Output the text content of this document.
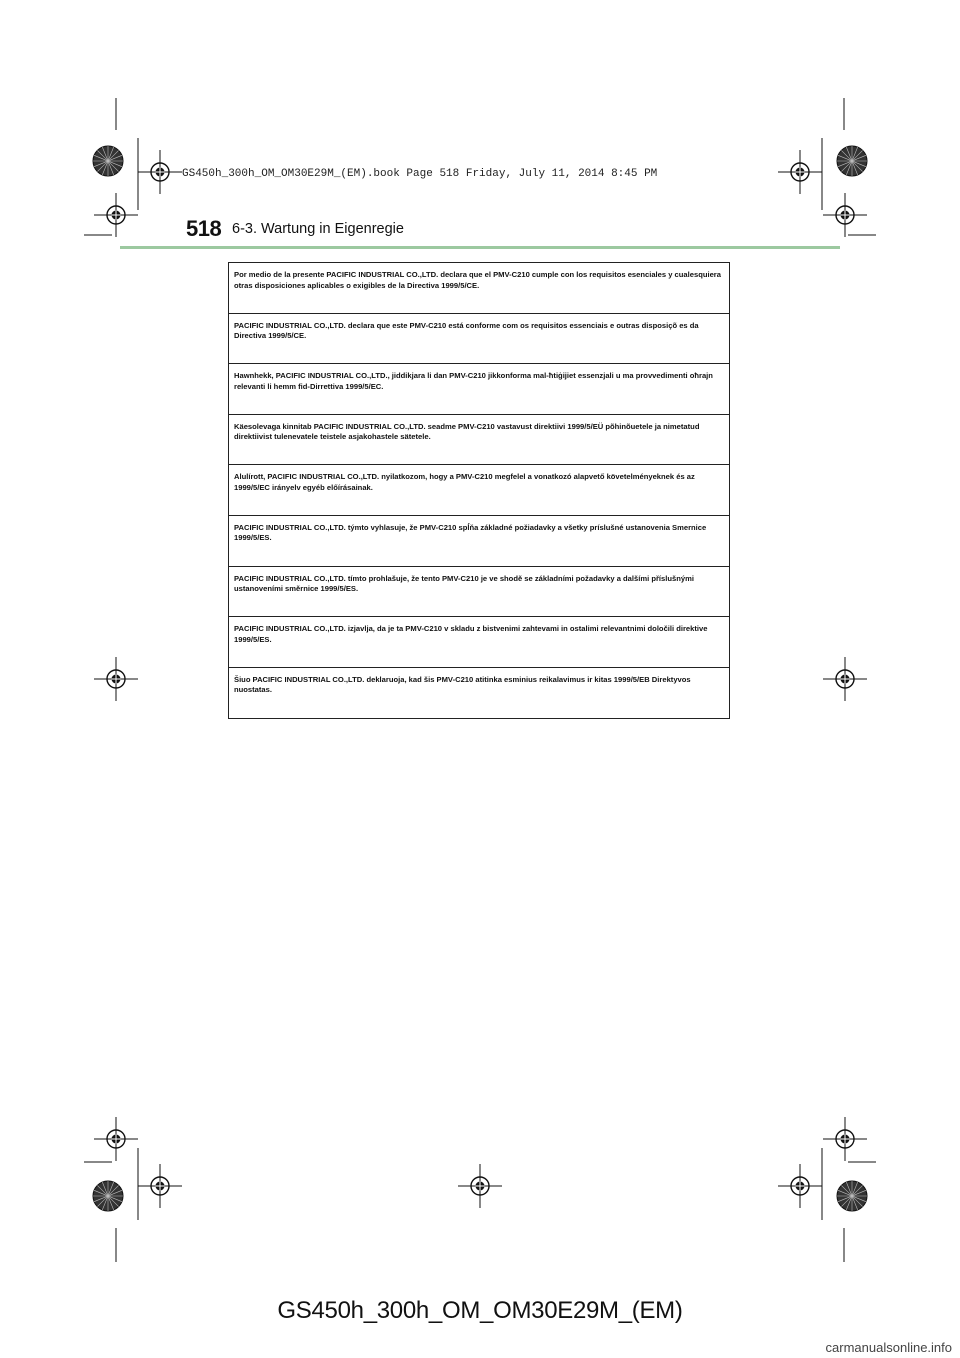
GS450h_300h_OM_OM30E29M_(EM).book Page 518 Friday, July 11, 2014 8:45 PM
518 6-3. Wartung in Eigenregie
Por medio de la presente PACIFIC INDUSTRIAL CO.,LTD. declara que el PMV-C210 cumple con los requisitos esenciales y cualesquiera otras disposiciones aplicables o exigibles de la Directiva 1999/5/CE.
PACIFIC INDUSTRIAL CO.,LTD. declara que este PMV-C210 está conforme com os requisitos essenciais e outras disposiçõ es da Directiva 1999/5/CE.
Hawnhekk, PACIFIC INDUSTRIAL CO.,LTD., jiddikjara li dan PMV-C210 jikkonforma mal-ħtiġijiet essenzjali u ma provvedimenti oħrajn relevanti li hemm fid-Dirrettiva 1999/5/EC.
Käesolevaga kinnitab PACIFIC INDUSTRIAL CO.,LTD. seadme PMV-C210 vastavust direktiivi 1999/5/EÜ põhinõuetele ja nimetatud direktiivist tulenevatele teistele asjakohastele sätetele.
Alulírott, PACIFIC INDUSTRIAL CO.,LTD. nyilatkozom, hogy a PMV-C210 megfelel a vonatkozó alapvető követelményeknek és az 1999/5/EC irányelv egyéb előírásainak.
PACIFIC INDUSTRIAL CO.,LTD. týmto vyhlasuje, že PMV-C210 spĺňa základné požiadavky a všetky príslušné ustanovenia Smernice 1999/5/ES.
PACIFIC INDUSTRIAL CO.,LTD. tímto prohlašuje, že tento PMV-C210 je ve shodě se základními požadavky a dalšími příslušnými ustanoveními směrnice 1999/5/ES.
PACIFIC INDUSTRIAL CO.,LTD. izjavlja, da je ta PMV-C210 v skladu z bistvenimi zahtevami in ostalimi relevantnimi določili direktive 1999/5/ES.
Šiuo PACIFIC INDUSTRIAL CO.,LTD. deklaruoja, kad šis PMV-C210 atitinka esminius reikalavimus ir kitas 1999/5/EB Direktyvos nuostatas.
GS450h_300h_OM_OM30E29M_(EM)
carmanualsonline.info
